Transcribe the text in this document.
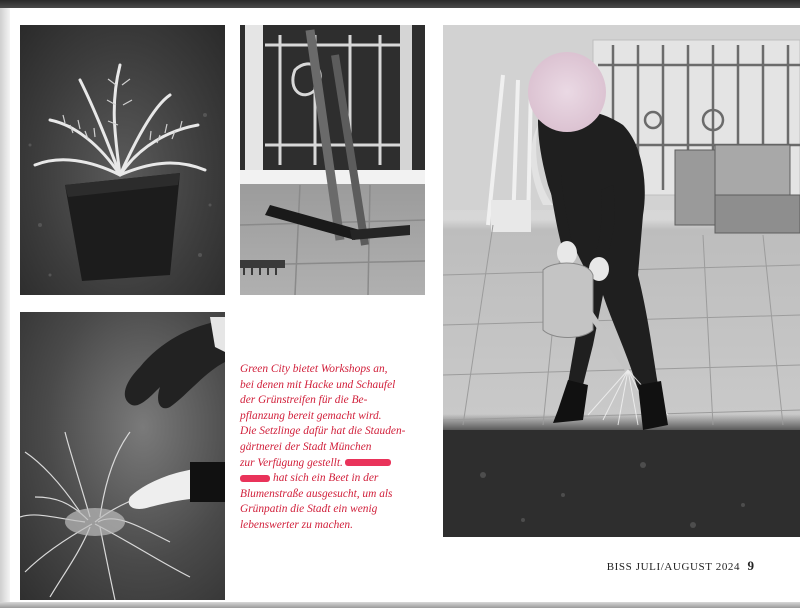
Green City bietet Workshops an,
bei denen mit Hacke und Schaufel
der Grünstreifen für die Be-
pflanzung bereit gemacht wird.
Die Setzlinge dafür hat die Stauden-
gärtnerei der Stadt München
zur Verfügung gestellt.
hat sich ein Beet in der
Blumenstraße ausgesucht, um als
Grünpatin die Stadt ein wenig
lebenswerter zu machen.
BISS JULI/AUGUST 2024 9
